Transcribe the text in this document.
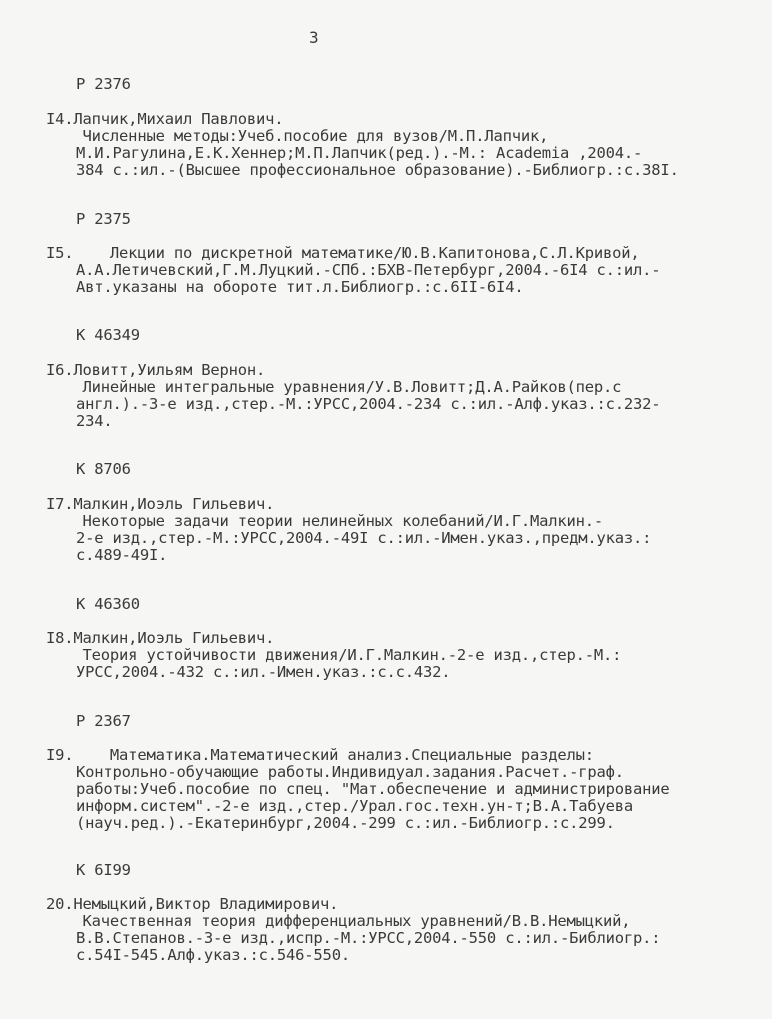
3
Р 2376
I4.Лапчик,Михаил Павлович.
Численные методы:Учеб.пособие для вузов/М.П.Лапчик,
М.И.Рагулина,Е.К.Хеннер;М.П.Лапчик(ред.).-М.: Academia ,2004.-
384 с.:ил.-(Высшее профессиональное образование).-Библиогр.:с.38I.
Р 2375
I5.    Лекции по дискретной математике/Ю.В.Капитонова,С.Л.Кривой,
А.А.Летичевский,Г.М.Луцкий.-СПб.:БХВ-Петербург,2004.-6I4 с.:ил.-
Авт.указаны на обороте тит.л.Библиогр.:с.6II-6I4.
К 46349
I6.Ловитт,Уильям Вернон.
Линейные интегральные уравнения/У.В.Ловитт;Д.А.Райков(пер.с
англ.).-3-е изд.,стер.-М.:УРСС,2004.-234 с.:ил.-Алф.указ.:с.232-
234.
К 8706
I7.Малкин,Иоэль Гильевич.
Некоторые задачи теории нелинейных колебаний/И.Г.Малкин.-
2-е изд.,стер.-М.:УРСС,2004.-49I с.:ил.-Имен.указ.,предм.указ.:
с.489-49I.
К 46360
I8.Малкин,Иоэль Гильевич.
Теория устойчивости движения/И.Г.Малкин.-2-е изд.,стер.-М.:
УРСС,2004.-432 с.:ил.-Имен.указ.:с.с.432.
Р 2367
I9.    Математика.Математический анализ.Специальные разделы:
Контрольно-обучающие работы.Индивидуал.задания.Расчет.-граф.
работы:Учеб.пособие по спец. "Мат.обеспечение и администрирование
информ.систем".-2-е изд.,стер./Урал.гос.техн.ун-т;В.А.Табуева
(науч.ред.).-Екатеринбург,2004.-299 с.:ил.-Библиогр.:с.299.
К 6I99
20.Немыцкий,Виктор Владимирович.
Качественная теория дифференциальных уравнений/В.В.Немыцкий,
В.В.Степанов.-3-е изд.,испр.-М.:УРСС,2004.-550 с.:ил.-Библиогр.:
с.54I-545.Алф.указ.:с.546-550.
